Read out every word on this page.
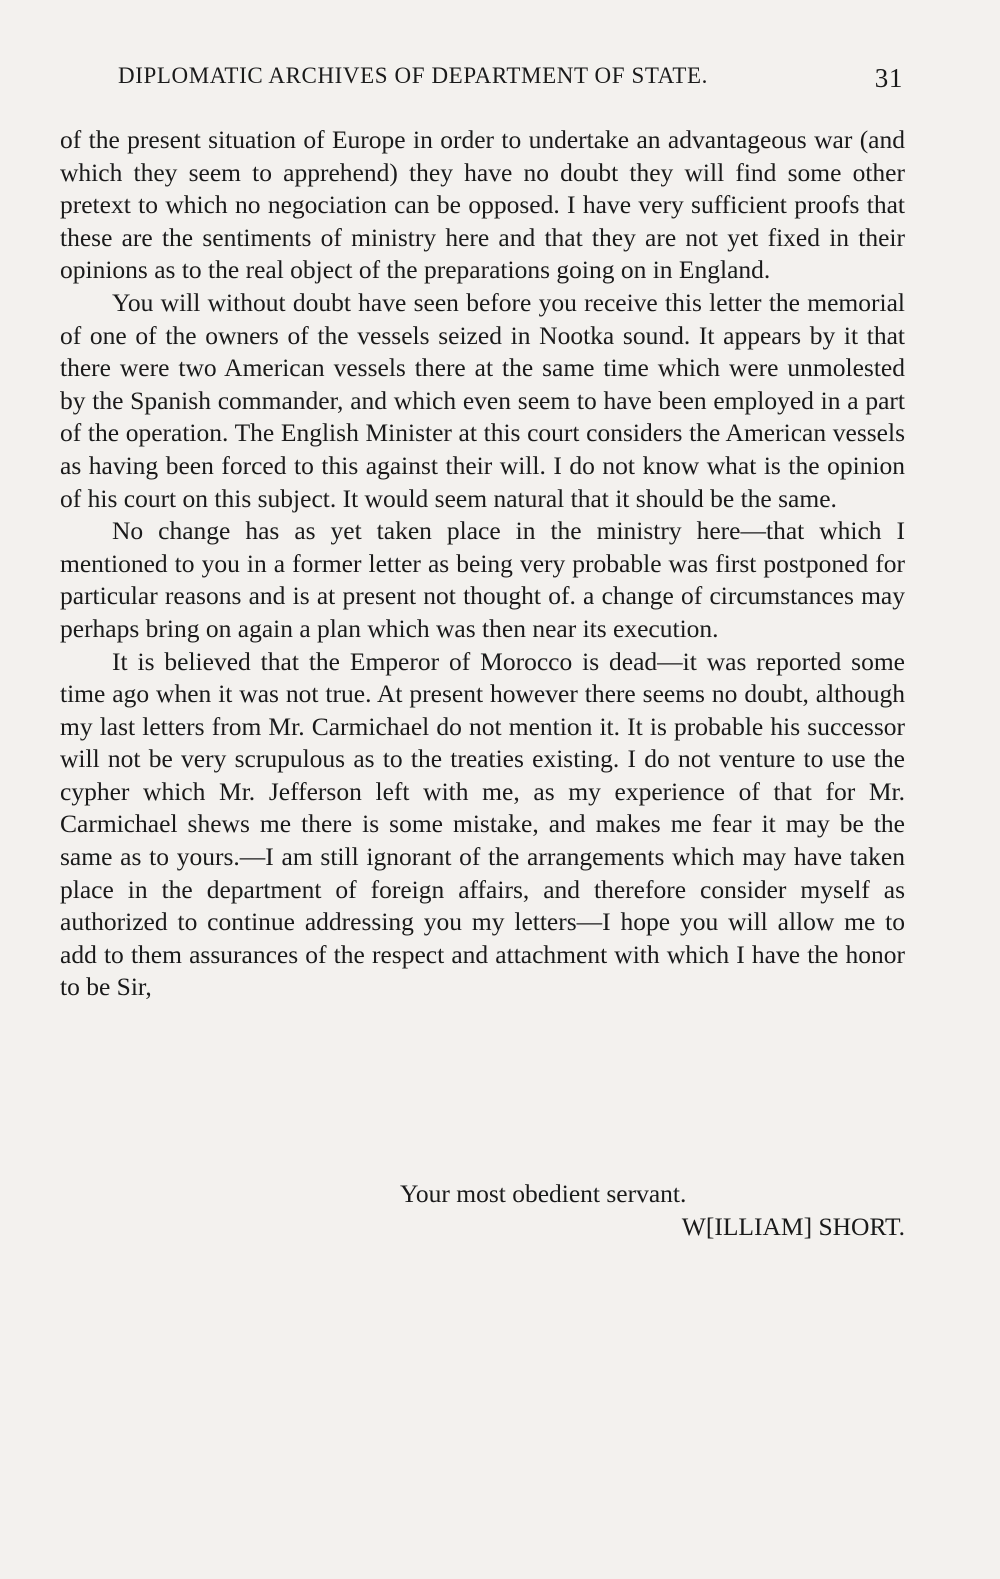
DIPLOMATIC ARCHIVES OF DEPARTMENT OF STATE.	31

of the present situation of Europe in order to undertake an advantageous war (and which they seem to apprehend) they have no doubt they will find some other pretext to which no negociation can be opposed. I have very sufficient proofs that these are the sentiments of ministry here and that they are not yet fixed in their opinions as to the real object of the preparations going on in England.

You will without doubt have seen before you receive this letter the memorial of one of the owners of the vessels seized in Nootka sound. It appears by it that there were two American vessels there at the same time which were unmolested by the Spanish commander, and which even seem to have been employed in a part of the operation. The English Minister at this court considers the American vessels as having been forced to this against their will. I do not know what is the opinion of his court on this subject. It would seem natural that it should be the same.

No change has as yet taken place in the ministry here—that which I mentioned to you in a former letter as being very probable was first postponed for particular reasons and is at present not thought of. a change of circumstances may perhaps bring on again a plan which was then near its execution.

It is believed that the Emperor of Morocco is dead—it was reported some time ago when it was not true. At present however there seems no doubt, although my last letters from Mr. Carmichael do not mention it. It is probable his successor will not be very scrupulous as to the treaties existing. I do not venture to use the cypher which Mr. Jefferson left with me, as my experience of that for Mr. Carmichael shews me there is some mistake, and makes me fear it may be the same as to yours.—I am still ignorant of the arrangements which may have taken place in the department of foreign affairs, and therefore consider myself as authorized to continue addressing you my letters—I hope you will allow me to add to them assurances of the respect and attachment with which I have the honor to be Sir,

Your most obedient servant.
W[ILLIAM] SHORT.
